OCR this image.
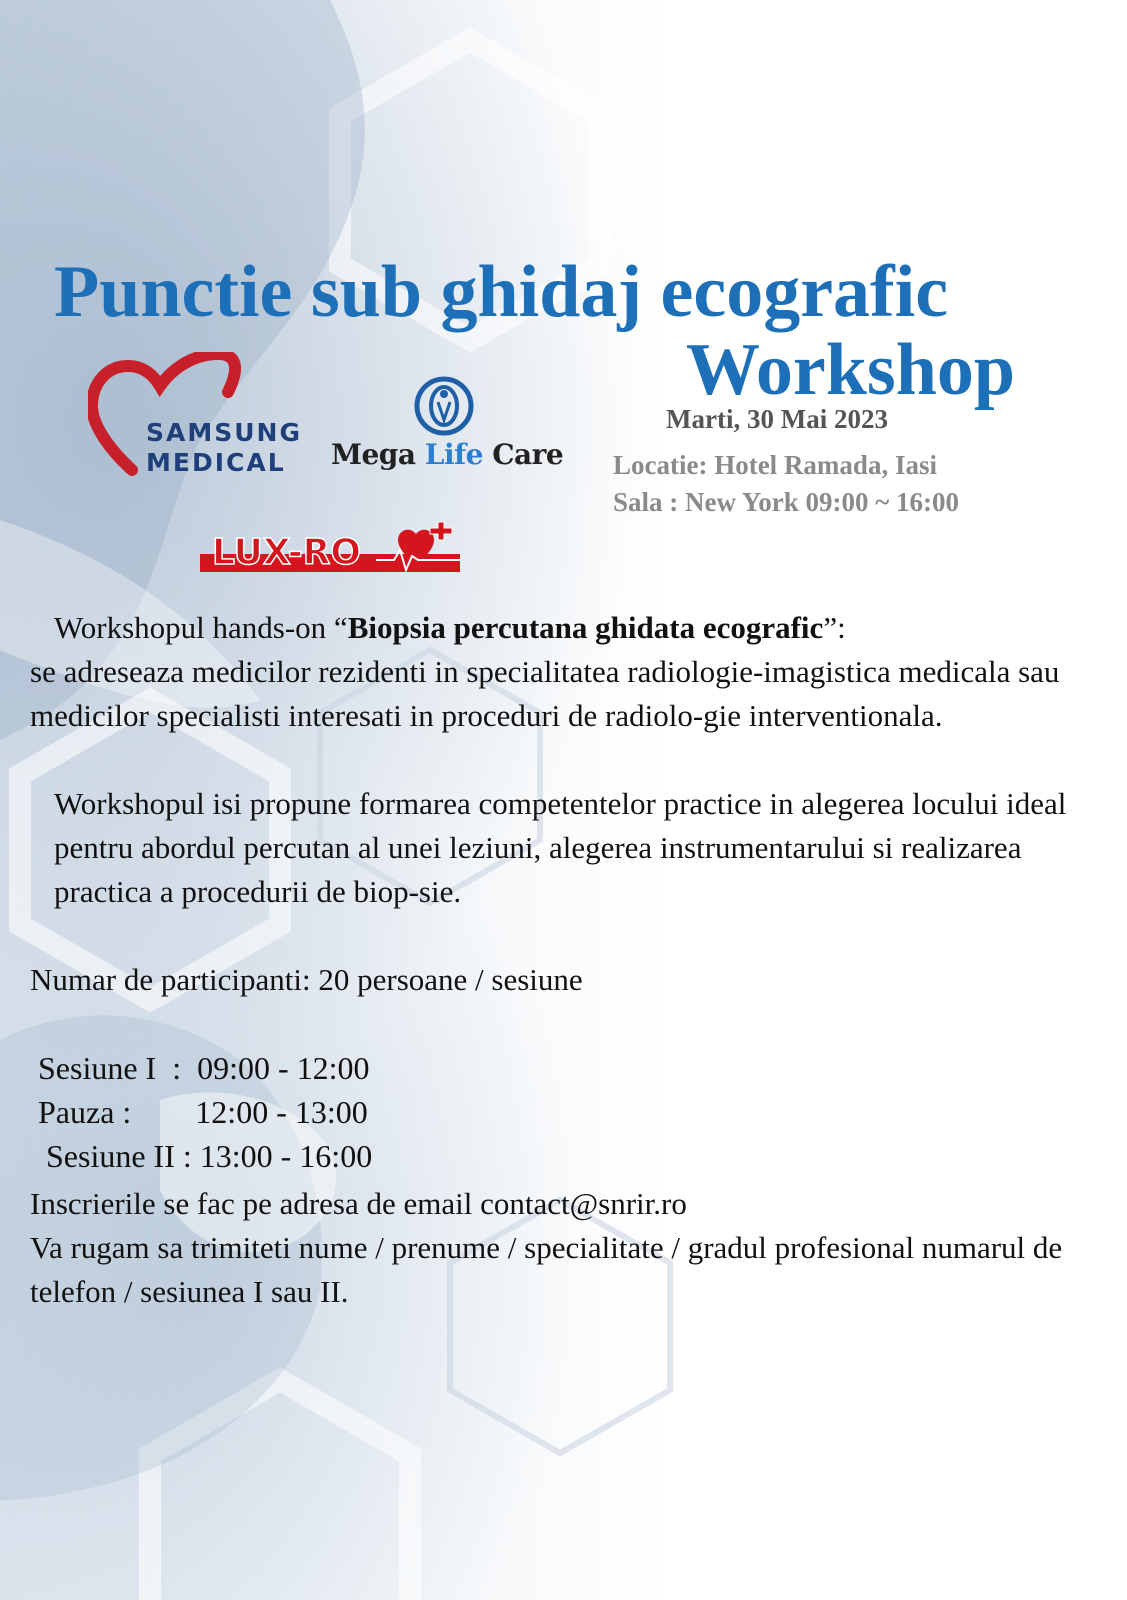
Punctie sub ghidaj ecografic
Workshop
Marti, 30 Mai 2023
Locatie: Hotel Ramada, Iasi
Sala : New York 09:00 ~ 16:00
SAMSUNG
MEDICAL	Mega Life Care
LUX-RO

Workshopul hands-on “Biopsia percutana ghidata ecografic”:

se adreseaza medicilor rezidenti in specialitatea radiologie-imagistica medicala sau medicilor specialisti interesati in proceduri de radiolo-gie interventionala.

Workshopul isi propune formarea competentelor practice in alegerea locului ideal pentru abordul percutan al unei leziuni, alegerea instrumentarului si realizarea practica a procedurii de biop-sie.

Numar de participanti: 20 persoane / sesiune

Sesiune I  : 09:00 - 12:00
Pauza : 12:00 - 13:00
Sesiune II : 13:00 - 16:00

Inscrierile se fac pe adresa de email contact@snrir.ro

Va rugam sa trimiteti nume / prenume / specialitate / gradul profesional numarul de telefon / sesiunea I sau II.
